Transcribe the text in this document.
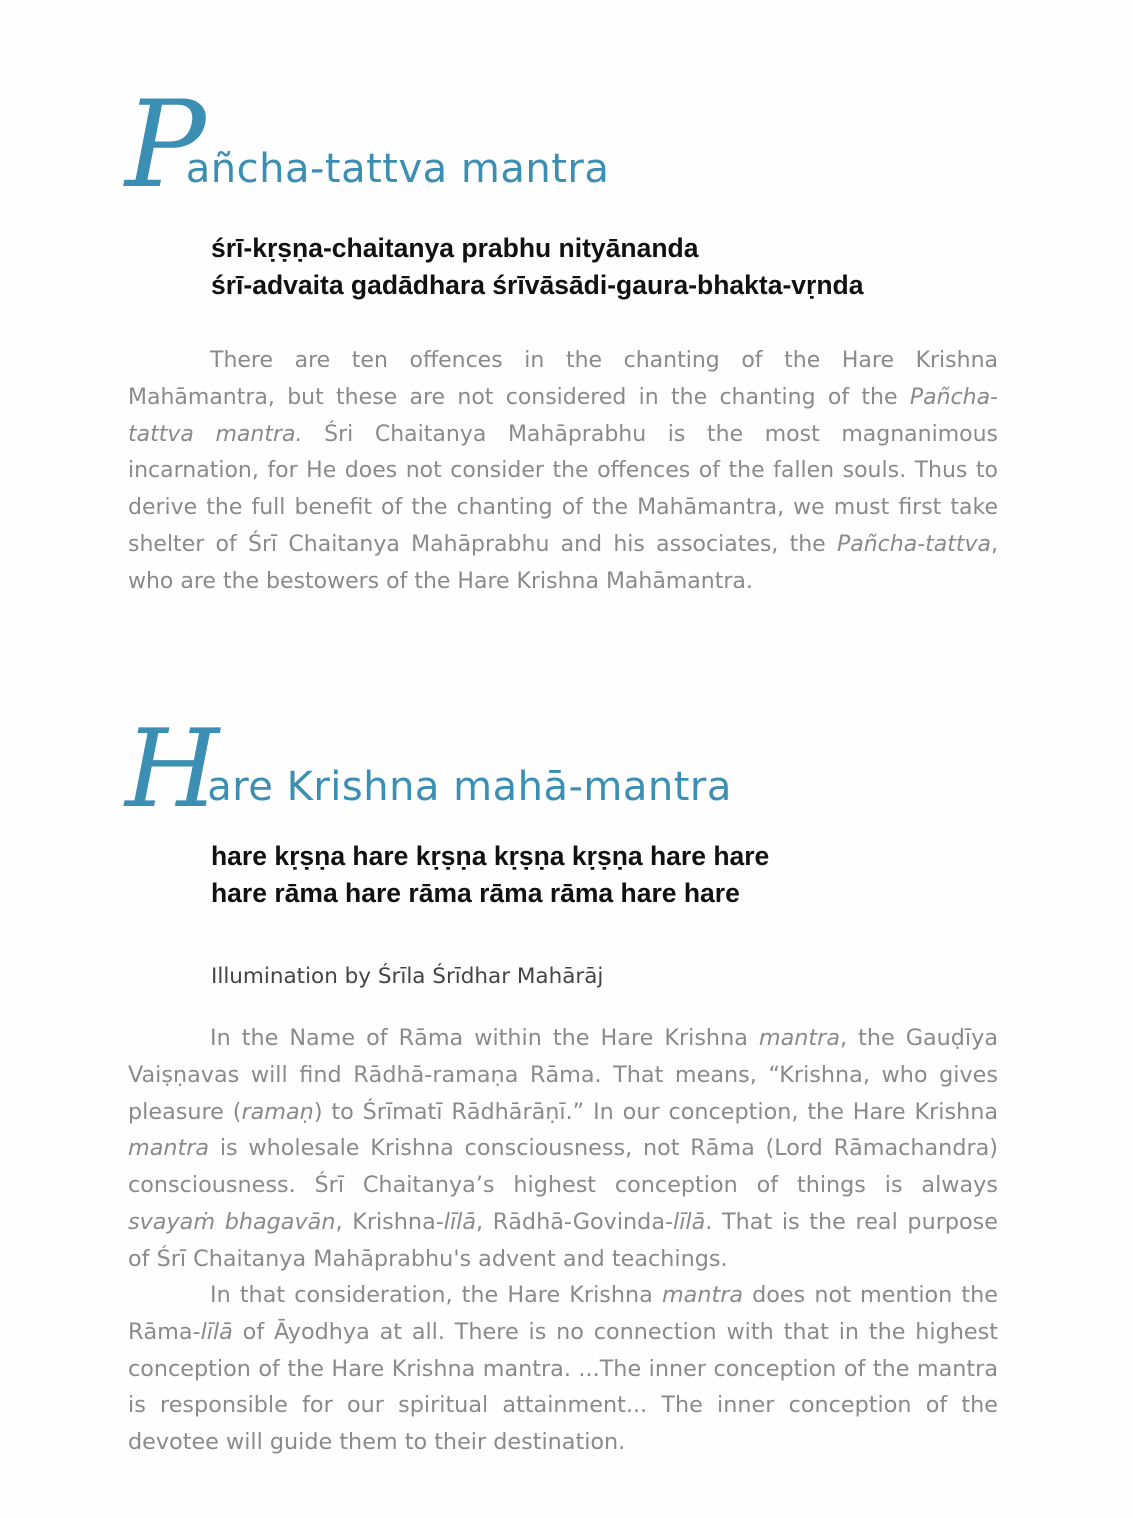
P
añcha-tattva mantra
śrī-kṛṣṇa-chaitanya prabhu nityānanda
śrī-advaita gadādhara śrīvāsādi-gaura-bhakta-vṛnda

There are ten offences in the chanting of the Hare Krishna Mahāmantra, but these are not considered in the chanting of the Pañcha-tattva mantra. Śri Chaitanya Mahāprabhu is the most magnanimous incarnation, for He does not consider the offences of the fallen souls. Thus to derive the full benefit of the chanting of the Mahāmantra, we must first take shelter of Śrī Chaitanya Mahāprabhu and his associates, the Pañcha-tattva, who are the bestowers of the Hare Krishna Mahāmantra.

H
are Krishna mahā-mantra
hare kṛṣṇa hare kṛṣṇa kṛṣṇa kṛṣṇa hare hare
hare rāma hare rāma rāma rāma hare hare
Illumination by Śrīla Śrīdhar Mahārāj

In the Name of Rāma within the Hare Krishna mantra, the Gauḍīya Vaiṣṇavas will find Rādhā-ramaṇa Rāma. That means, “Krishna, who gives pleasure (ramaṇ) to Śrīmatī Rādhārāṇī.” In our conception, the Hare Krishna mantra is wholesale Krishna consciousness, not Rāma (Lord Rāmachandra) consciousness. Śrī Chaitanya’s highest conception of things is always svayaṁ bhagavān, Krishna-līlā, Rādhā-Govinda-līlā. That is the real purpose of Śrī Chaitanya Mahāprabhu's advent and teachings.

In that consideration, the Hare Krishna mantra does not mention the Rāma-līlā of Āyodhya at all. There is no connection with that in the highest conception of the Hare Krishna mantra. ...The inner conception of the mantra is responsible for our spiritual attainment... The inner conception of the devotee will guide them to their destination.
